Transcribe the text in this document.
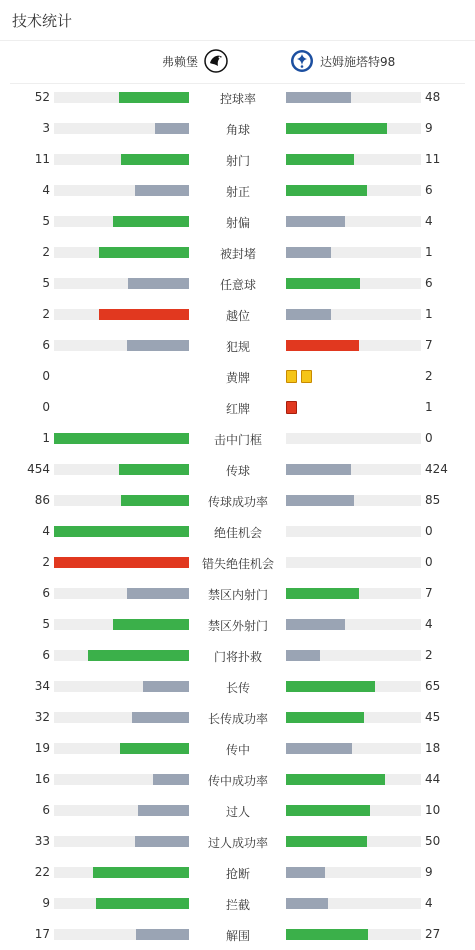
技术统计
弗赖堡	达姆施塔特98
52	控球率	48
3	角球	9
11	射门	11
4	射正	6
5	射偏	4
2	被封堵	1
5	任意球	6
2	越位	1
6	犯规	7
0	黄牌	2
0	红牌	1
1	击中门框	0
454	传球	424
86	传球成功率	85
4	绝佳机会	0
2	错失绝佳机会	0
6	禁区内射门	7
5	禁区外射门	4
6	门将扑救	2
34	长传	65
32	长传成功率	45
19	传中	18
16	传中成功率	44
6	过人	10
33	过人成功率	50
22	抢断	9
9	拦截	4
17	解围	27
